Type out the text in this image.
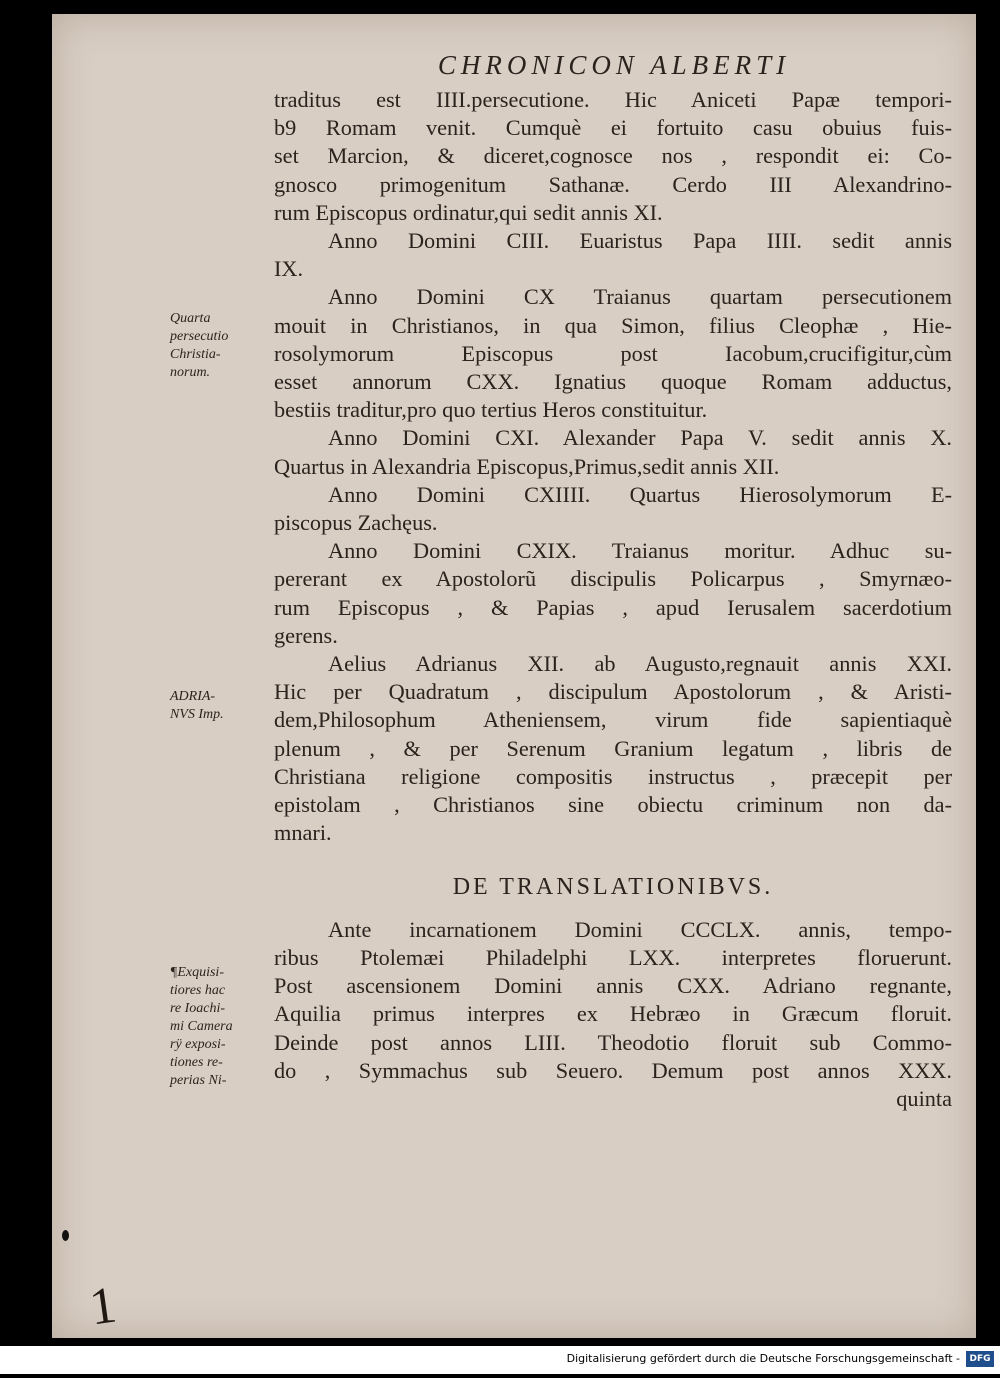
CHRONICON ALBERTI
Quarta
persecutio
Christia-
norum.
ADRIA-
NVS Imp.
¶Exquisi-
tiores hac
re Ioachi-
mi Camera
rÿ exposi-
tiones re-
perias Ni-

traditus est IIII.persecutione. Hic Aniceti Papæ tempori-
b9 Romam venit. Cumquè ei fortuito casu obuius fuis-
set Marcion, & diceret,cognosce nos , respondit ei: Co-
gnosco primogenitum Sathanæ. Cerdo III Alexandrino-
rum Episcopus ordinatur,qui sedit annis XI.

Anno Domini CIII. Euaristus Papa IIII. sedit annis
IX.

Anno Domini CX Traianus quartam persecutionem
mouit in Christianos, in qua Simon, filius Cleophæ , Hie-
rosolymorum Episcopus post Iacobum,crucifigitur,cùm
esset annorum CXX. Ignatius quoque Romam adductus,
bestiis traditur,pro quo tertius Heros constituitur.

Anno Domini CXI. Alexander Papa V. sedit annis X.
Quartus in Alexandria Episcopus,Primus,sedit annis XII.

Anno Domini CXIIII. Quartus Hierosolymorum E-
piscopus Zachęus.

Anno Domini CXIX. Traianus moritur. Adhuc su-
pererant ex Apostolorũ discipulis Policarpus , Smyrnæo-
rum Episcopus , & Papias , apud Ierusalem sacerdotium
gerens.

Aelius Adrianus XII. ab Augusto,regnauit annis XXI.
Hic per Quadratum , discipulum Apostolorum , & Aristi-
dem,Philosophum Atheniensem, virum fide sapientiaquè
plenum , & per Serenum Granium legatum , libris de
Christiana religione compositis instructus , præcepit per
epistolam , Christianos sine obiectu criminum non da-
mnari.

DE TRANSLATIONIBVS.

Ante incarnationem Domini CCCLX. annis, tempo-
ribus Ptolemæi Philadelphi LXX. interpretes floruerunt.
Post ascensionem Domini annis CXX. Adriano regnante,
Aquilia primus interpres ex Hebræo in Græcum floruit.
Deinde post annos LIII. Theodotio floruit sub Commo-
do , Symmachus sub Seuero. Demum post annos XXX.

quinta
1
Digitalisierung gefördert durch die Deutsche Forschungsgemeinschaft -	DFG
